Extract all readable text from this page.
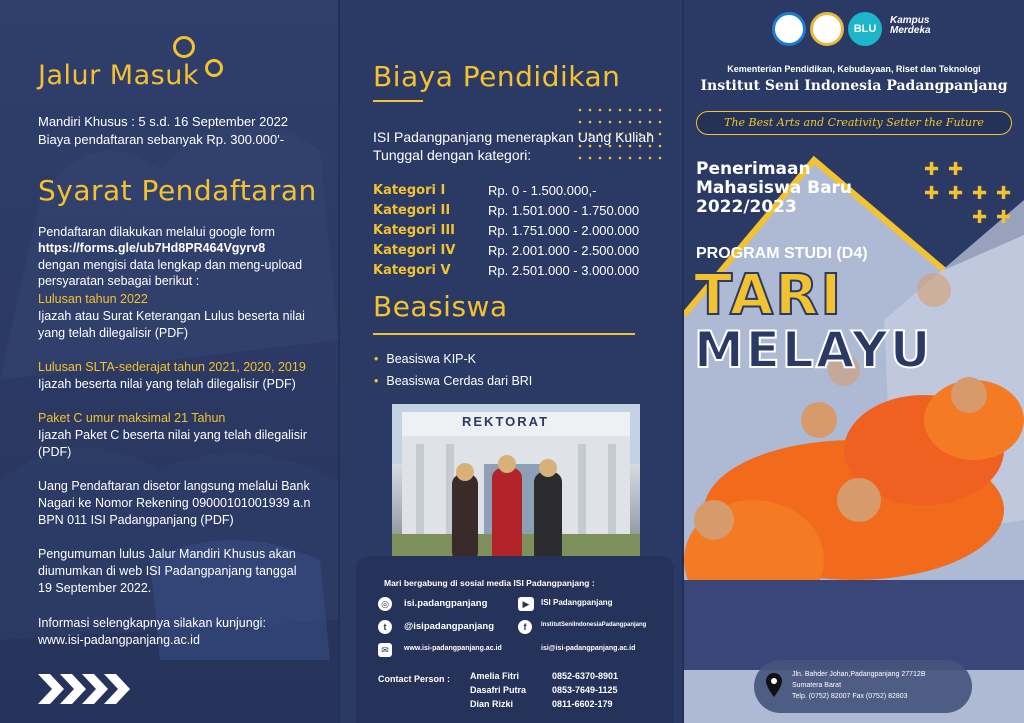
Jalur Masuk
Mandiri Khusus : 5 s.d. 16 September 2022
Biaya pendaftaran sebanyak Rp. 300.000'-
Syarat Pendaftaran
Pendaftaran dilakukan melalui google form
https://forms.gle/ub7Hd8PR464Vgyrv8
dengan mengisi data lengkap dan meng-upload
persyaratan sebagai berikut :
Lulusan tahun 2022
Ijazah atau Surat Keterangan Lulus beserta nilai
yang telah dilegalisir (PDF)
Lulusan SLTA-sederajat tahun 2021, 2020, 2019
Ijazah beserta nilai yang telah dilegalisir (PDF)
Paket C umur maksimal 21 Tahun
Ijazah Paket C beserta nilai yang telah dilegalisir
(PDF)
Uang Pendaftaran disetor langsung melalui Bank
Nagari ke Nomor Rekening 09000101001939 a.n
BPN 011 ISI Padangpanjang (PDF)
Pengumuman lulus Jalur Mandiri Khusus akan
diumumkan di web ISI Padangpanjang tanggal
19 September 2022.
Informasi selengkapnya silakan kunjungi:
www.isi-padangpanjang.ac.id
Biaya Pendidikan
ISI Padangpanjang menerapkan Uang Kuliah
Tunggal dengan kategori:
Kategori I	Rp. 0 - 1.500.000,-
Kategori II	Rp. 1.501.000 - 1.750.000
Kategori III	Rp. 1.751.000 - 2.000.000
Kategori IV	Rp. 2.001.000 - 2.500.000
Kategori V	Rp. 2.501.000 - 3.000.000
Beasiswa
• Beasiswa KIP-K
• Beasiswa Cerdas dari BRI
REKTORAT
Mari bergabung di sosial media ISI Padangpanjang :
◎	isi.padangpanjang	▶	ISI Padangpanjang
t	@isipadangpanjang	f	InstitutSeniIndonesiaPadangpanjang
✉	www.isi-padangpanjang.ac.id	isi@isi-padangpanjang.ac.id
Contact Person : Amelia Fitri	0852-6370-8901
Dasafri Putra	0853-7649-1125
Dian Rizki	0811-6602-179
BLU
Kampus
Merdeka
Kementerian Pendidikan, Kebudayaan, Riset dan Teknologi
Institut Seni Indonesia Padangpanjang
The Best Arts and Creativity Setter the Future
Penerimaan
Mahasiswa Baru
2022/2023
✚ ✚
✚ ✚ ✚ ✚
✚ ✚
PROGRAM STUDI (D4)
TARI
MELAYU
Jln. Bahder Johan,Padangpanjang 27712B
Sumatera Barat
Telp. (0752) 82007 Fax (0752) 82803
